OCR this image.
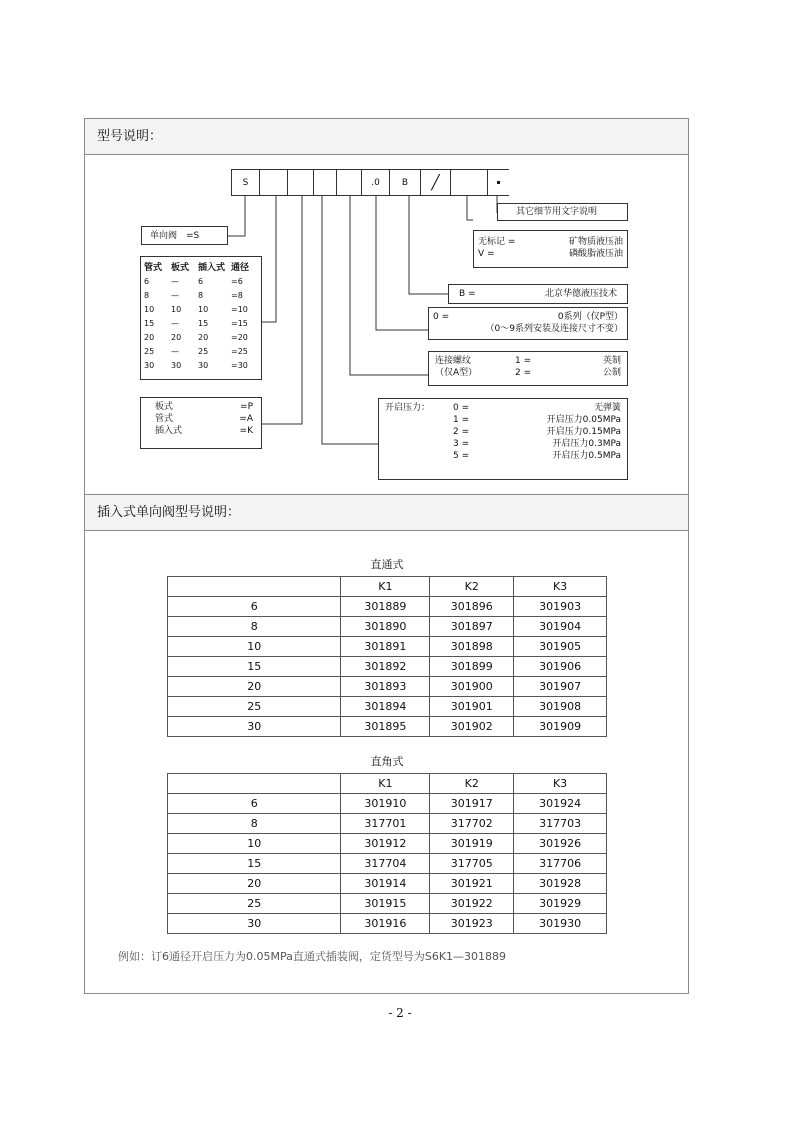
型号说明：
插入式单向阀型号说明：
S	.0	B	╱	▪
其它细节用文字说明
无标记 =	矿物质液压油
V =	磷酸脂液压油
B =	北京华德液压技术
0 =	0系列（仅P型）
（0～9系列安装及连接尺寸不变）
连接螺纹	1 =	英制
（仅A型）	2 =	公制
开启压力：	0 =	无弹簧
1 =	开启压力0.05MPa
2 =	开启压力0.15MPa
3 =	开启压力0.3MPa
5 =	开启压力0.5MPa
单向阀　=S
管式 板式 插入式 通径
6	—	6	=6
8	—	8	=8
10	10	10	=10
15	—	15	=15
20	20	20	=20
25	—	25	=25
30	30	30	=30
板式	=P
管式	=A
插入式	=K
直通式
	K1	K2	K3
6	301889	301896	301903
8	301890	301897	301904
10	301891	301898	301905
15	301892	301899	301906
20	301893	301900	301907
25	301894	301901	301908
30	301895	301902	301909
直角式
	K1	K2	K3
6	301910	301917	301924
8	317701	317702	317703
10	301912	301919	301926
15	317704	317705	317706
20	301914	301921	301928
25	301915	301922	301929
30	301916	301923	301930
例如：订6通径开启压力为0.05MPa直通式插装阀，定货型号为S6K1—301889
- 2 -
